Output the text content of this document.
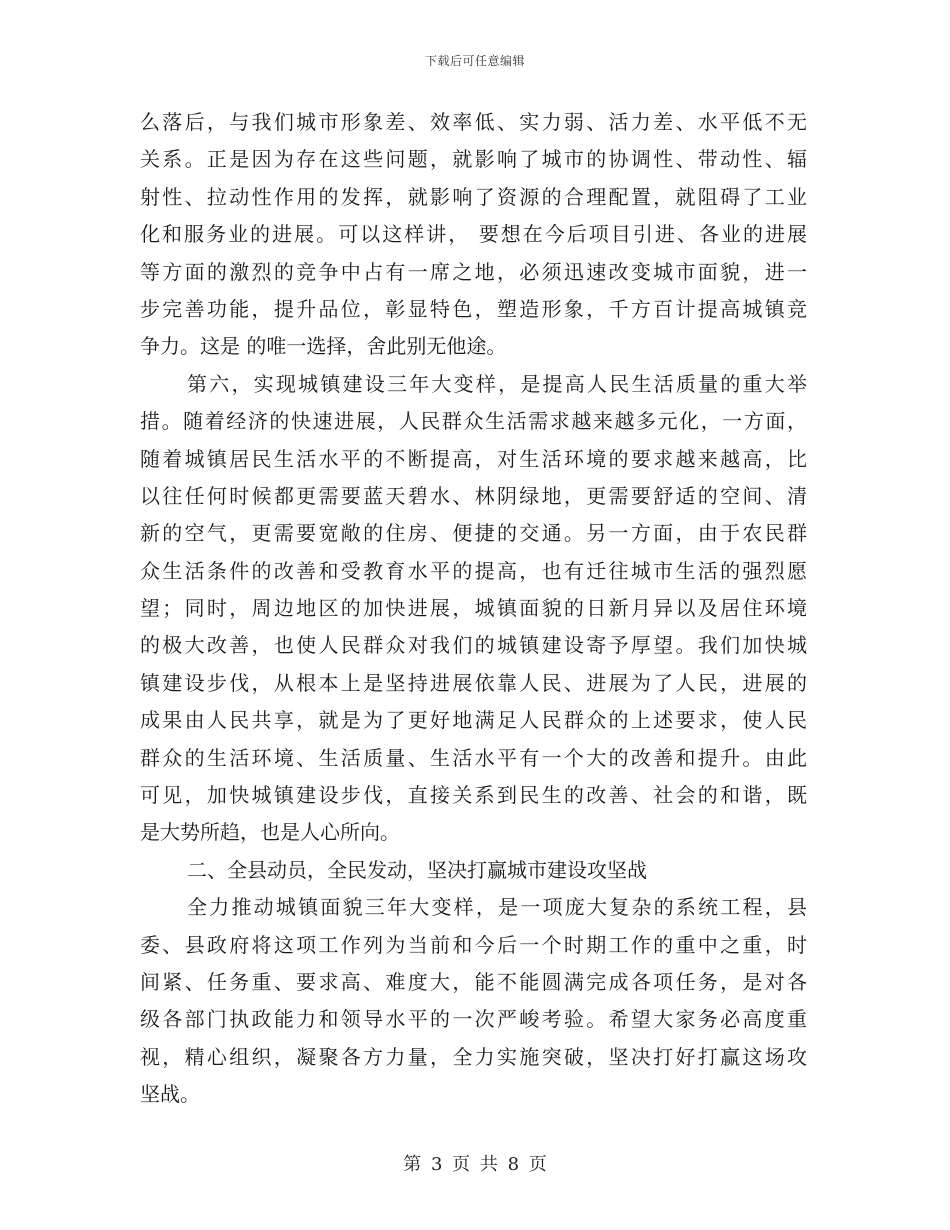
下载后可任意编辑
么落后，与我们城市形象差、效率低、实力弱、活力差、水平低不无
关系。正是因为存在这些问题，就影响了城市的协调性、带动性、辐
射性、拉动性作用的发挥，就影响了资源的合理配置，就阻碍了工业
化和服务业的进展。可以这样讲， 要想在今后项目引进、各业的进展
等方面的激烈的竞争中占有一席之地，必须迅速改变城市面貌，进一
步完善功能，提升品位，彰显特色，塑造形象，千方百计提高城镇竞
争力。这是 的唯一选择，舍此别无他途。
第六，实现城镇建设三年大变样，是提高人民生活质量的重大举
措。随着经济的快速进展，人民群众生活需求越来越多元化，一方面，
随着城镇居民生活水平的不断提高，对生活环境的要求越来越高，比
以往任何时候都更需要蓝天碧水、林阴绿地，更需要舒适的空间、清
新的空气，更需要宽敞的住房、便捷的交通。另一方面，由于农民群
众生活条件的改善和受教育水平的提高，也有迁往城市生活的强烈愿
望；同时，周边地区的加快进展，城镇面貌的日新月异以及居住环境
的极大改善，也使人民群众对我们的城镇建设寄予厚望。我们加快城
镇建设步伐，从根本上是坚持进展依靠人民、进展为了人民，进展的
成果由人民共享，就是为了更好地满足人民群众的上述要求，使人民
群众的生活环境、生活质量、生活水平有一个大的改善和提升。由此
可见，加快城镇建设步伐，直接关系到民生的改善、社会的和谐，既
是大势所趋，也是人心所向。
二、全县动员，全民发动，坚决打赢城市建设攻坚战
全力推动城镇面貌三年大变样，是一项庞大复杂的系统工程，县
委、县政府将这项工作列为当前和今后一个时期工作的重中之重，时
间紧、任务重、要求高、难度大，能不能圆满完成各项任务，是对各
级各部门执政能力和领导水平的一次严峻考验。希望大家务必高度重
视，精心组织，凝聚各方力量，全力实施突破，坚决打好打赢这场攻
坚战。
第 3 页 共 8 页
